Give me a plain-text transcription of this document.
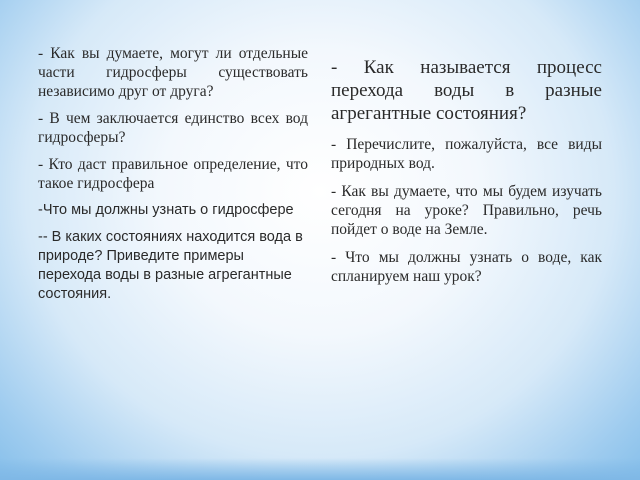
- Как вы думаете, могут ли отдельные части гидросферы существовать независимо друг от друга?

- В чем заключается единство всех вод гидросферы?

- Кто даст правильное определение, что такое гидросфера

-Что мы должны узнать о гидросфере

-- В каких состояниях находится вода в природе? Приведите примеры перехода воды в разные агрегантные состояния.

- Как называется процесс перехода воды в разные агрегантные состояния?

- Перечислите, пожалуйста, все виды природных вод.

- Как вы думаете, что мы будем изучать сегодня на уроке? Правильно, речь пойдет о воде на Земле.

- Что мы должны узнать о воде, как спланируем наш урок?
